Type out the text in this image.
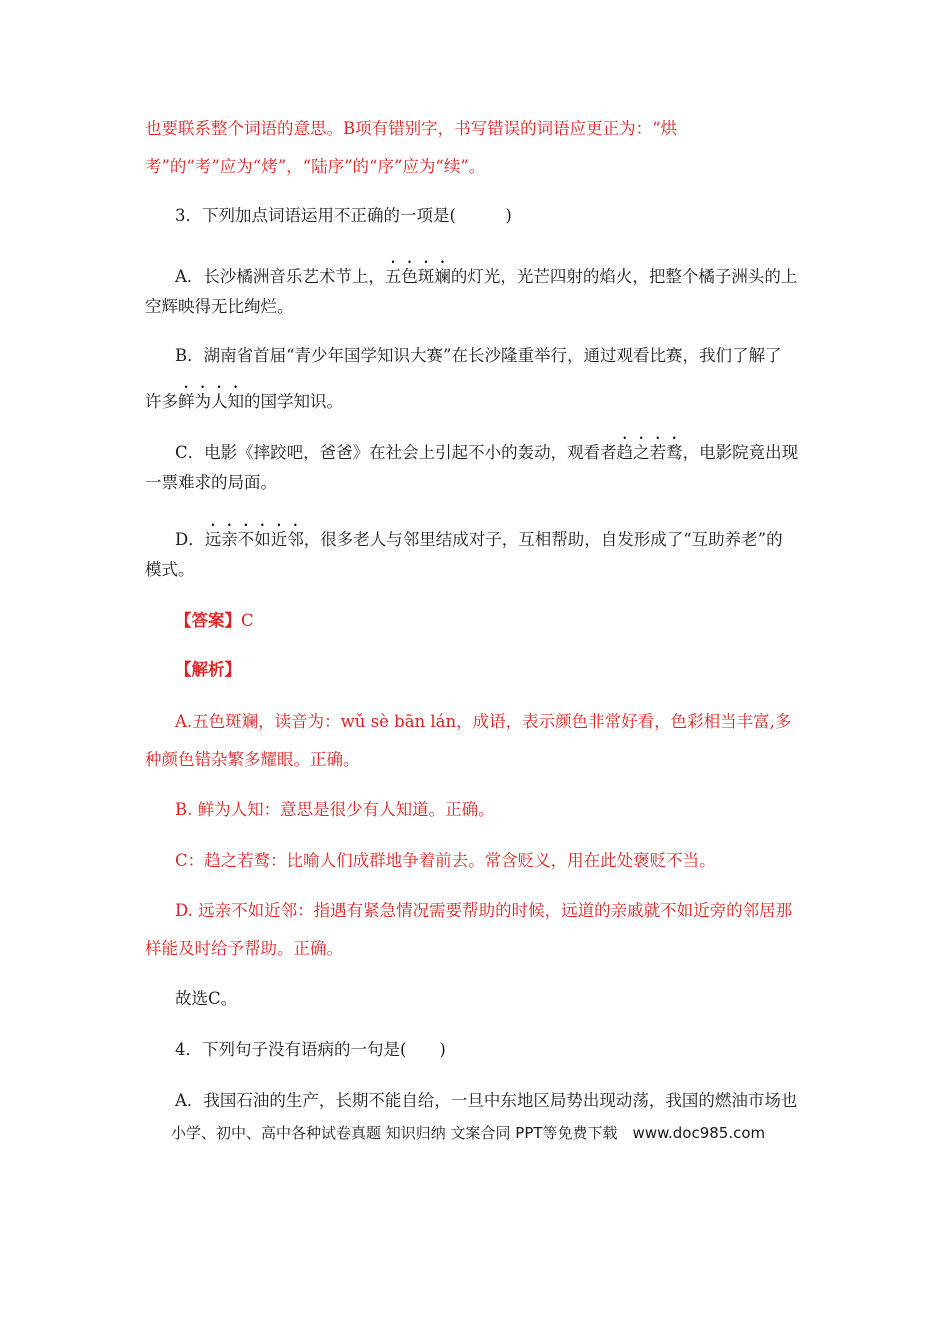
也要联系整个词语的意思。B项有错别字，书写错误的词语应更正为：“烘
考”的“考”应为“烤”，“陆序”的“序”应为“续”。
3．下列加点词语运用不正确的一项是(　　　)
A．长沙橘洲音乐艺术节上，五色斑斓的灯光，光芒四射的焰火，把整个橘子洲头的上
空辉映得无比绚烂。
B．湖南省首届“青少年国学知识大赛”在长沙隆重举行，通过观看比赛，我们了解了
许多鲜为人知的国学知识。
C．电影《摔跤吧，爸爸》在社会上引起不小的轰动，观看者趋之若鹜，电影院竟出现
一票难求的局面。
D．远亲不如近邻，很多老人与邻里结成对子，互相帮助，自发形成了“互助养老”的
模式。
【答案】C
【解析】
A.五色斑斓，读音为：wǔ sè bān lán，成语，表示颜色非常好看，色彩相当丰富,多
种颜色错杂繁多耀眼。正确。
B. 鲜为人知：意思是很少有人知道。正确。
C：趋之若鹜：比喻人们成群地争着前去。常含贬义，用在此处褒贬不当。
D. 远亲不如近邻：指遇有紧急情况需要帮助的时候，远道的亲戚就不如近旁的邻居那
样能及时给予帮助。正确。
故选C。
4．下列句子没有语病的一句是(　　)
A．我国石油的生产，长期不能自给，一旦中东地区局势出现动荡，我国的燃油市场也
小学、初中、高中各种试卷真题 知识归纳 文案合同 PPT等免费下载　www.doc985.com
